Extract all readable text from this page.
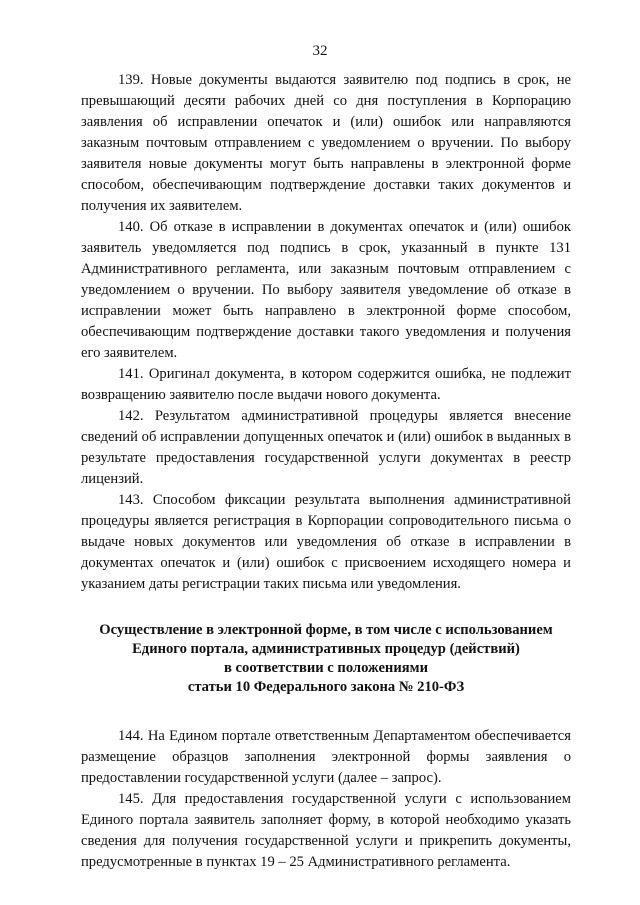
32

139. Новые документы выдаются заявителю под подпись в срок, не превышающий десяти рабочих дней со дня поступления в Корпорацию заявления об исправлении опечаток и (или) ошибок или направляются заказным почтовым отправлением с уведомлением о вручении. По выбору заявителя новые документы могут быть направлены в электронной форме способом, обеспечивающим подтверждение доставки таких документов и получения их заявителем.

140. Об отказе в исправлении в документах опечаток и (или) ошибок заявитель уведомляется под подпись в срок, указанный в пункте 131 Административного регламента, или заказным почтовым отправлением с уведомлением о вручении. По выбору заявителя уведомление об отказе в исправлении может быть направлено в электронной форме способом, обеспечивающим подтверждение доставки такого уведомления и получения его заявителем.

141. Оригинал документа, в котором содержится ошибка, не подлежит возвращению заявителю после выдачи нового документа.

142. Результатом административной процедуры является внесение сведений об исправлении допущенных опечаток и (или) ошибок в выданных в результате предоставления государственной услуги документах в реестр лицензий.

143. Способом фиксации результата выполнения административной процедуры является регистрация в Корпорации сопроводительного письма о выдаче новых документов или уведомления об отказе в исправлении в документах опечаток и (или) ошибок с присвоением исходящего номера и указанием даты регистрации таких письма или уведомления.

Осуществление в электронной форме, в том числе с использованием
Единого портала, административных процедур (действий)
в соответствии с положениями
статьи 10 Федерального закона № 210-ФЗ

144. На Едином портале ответственным Департаментом обеспечивается размещение образцов заполнения электронной формы заявления о предоставлении государственной услуги (далее – запрос).

145. Для предоставления государственной услуги с использованием Единого портала заявитель заполняет форму, в которой необходимо указать сведения для получения государственной услуги и прикрепить документы, предусмотренные в пунктах 19 – 25 Административного регламента.
